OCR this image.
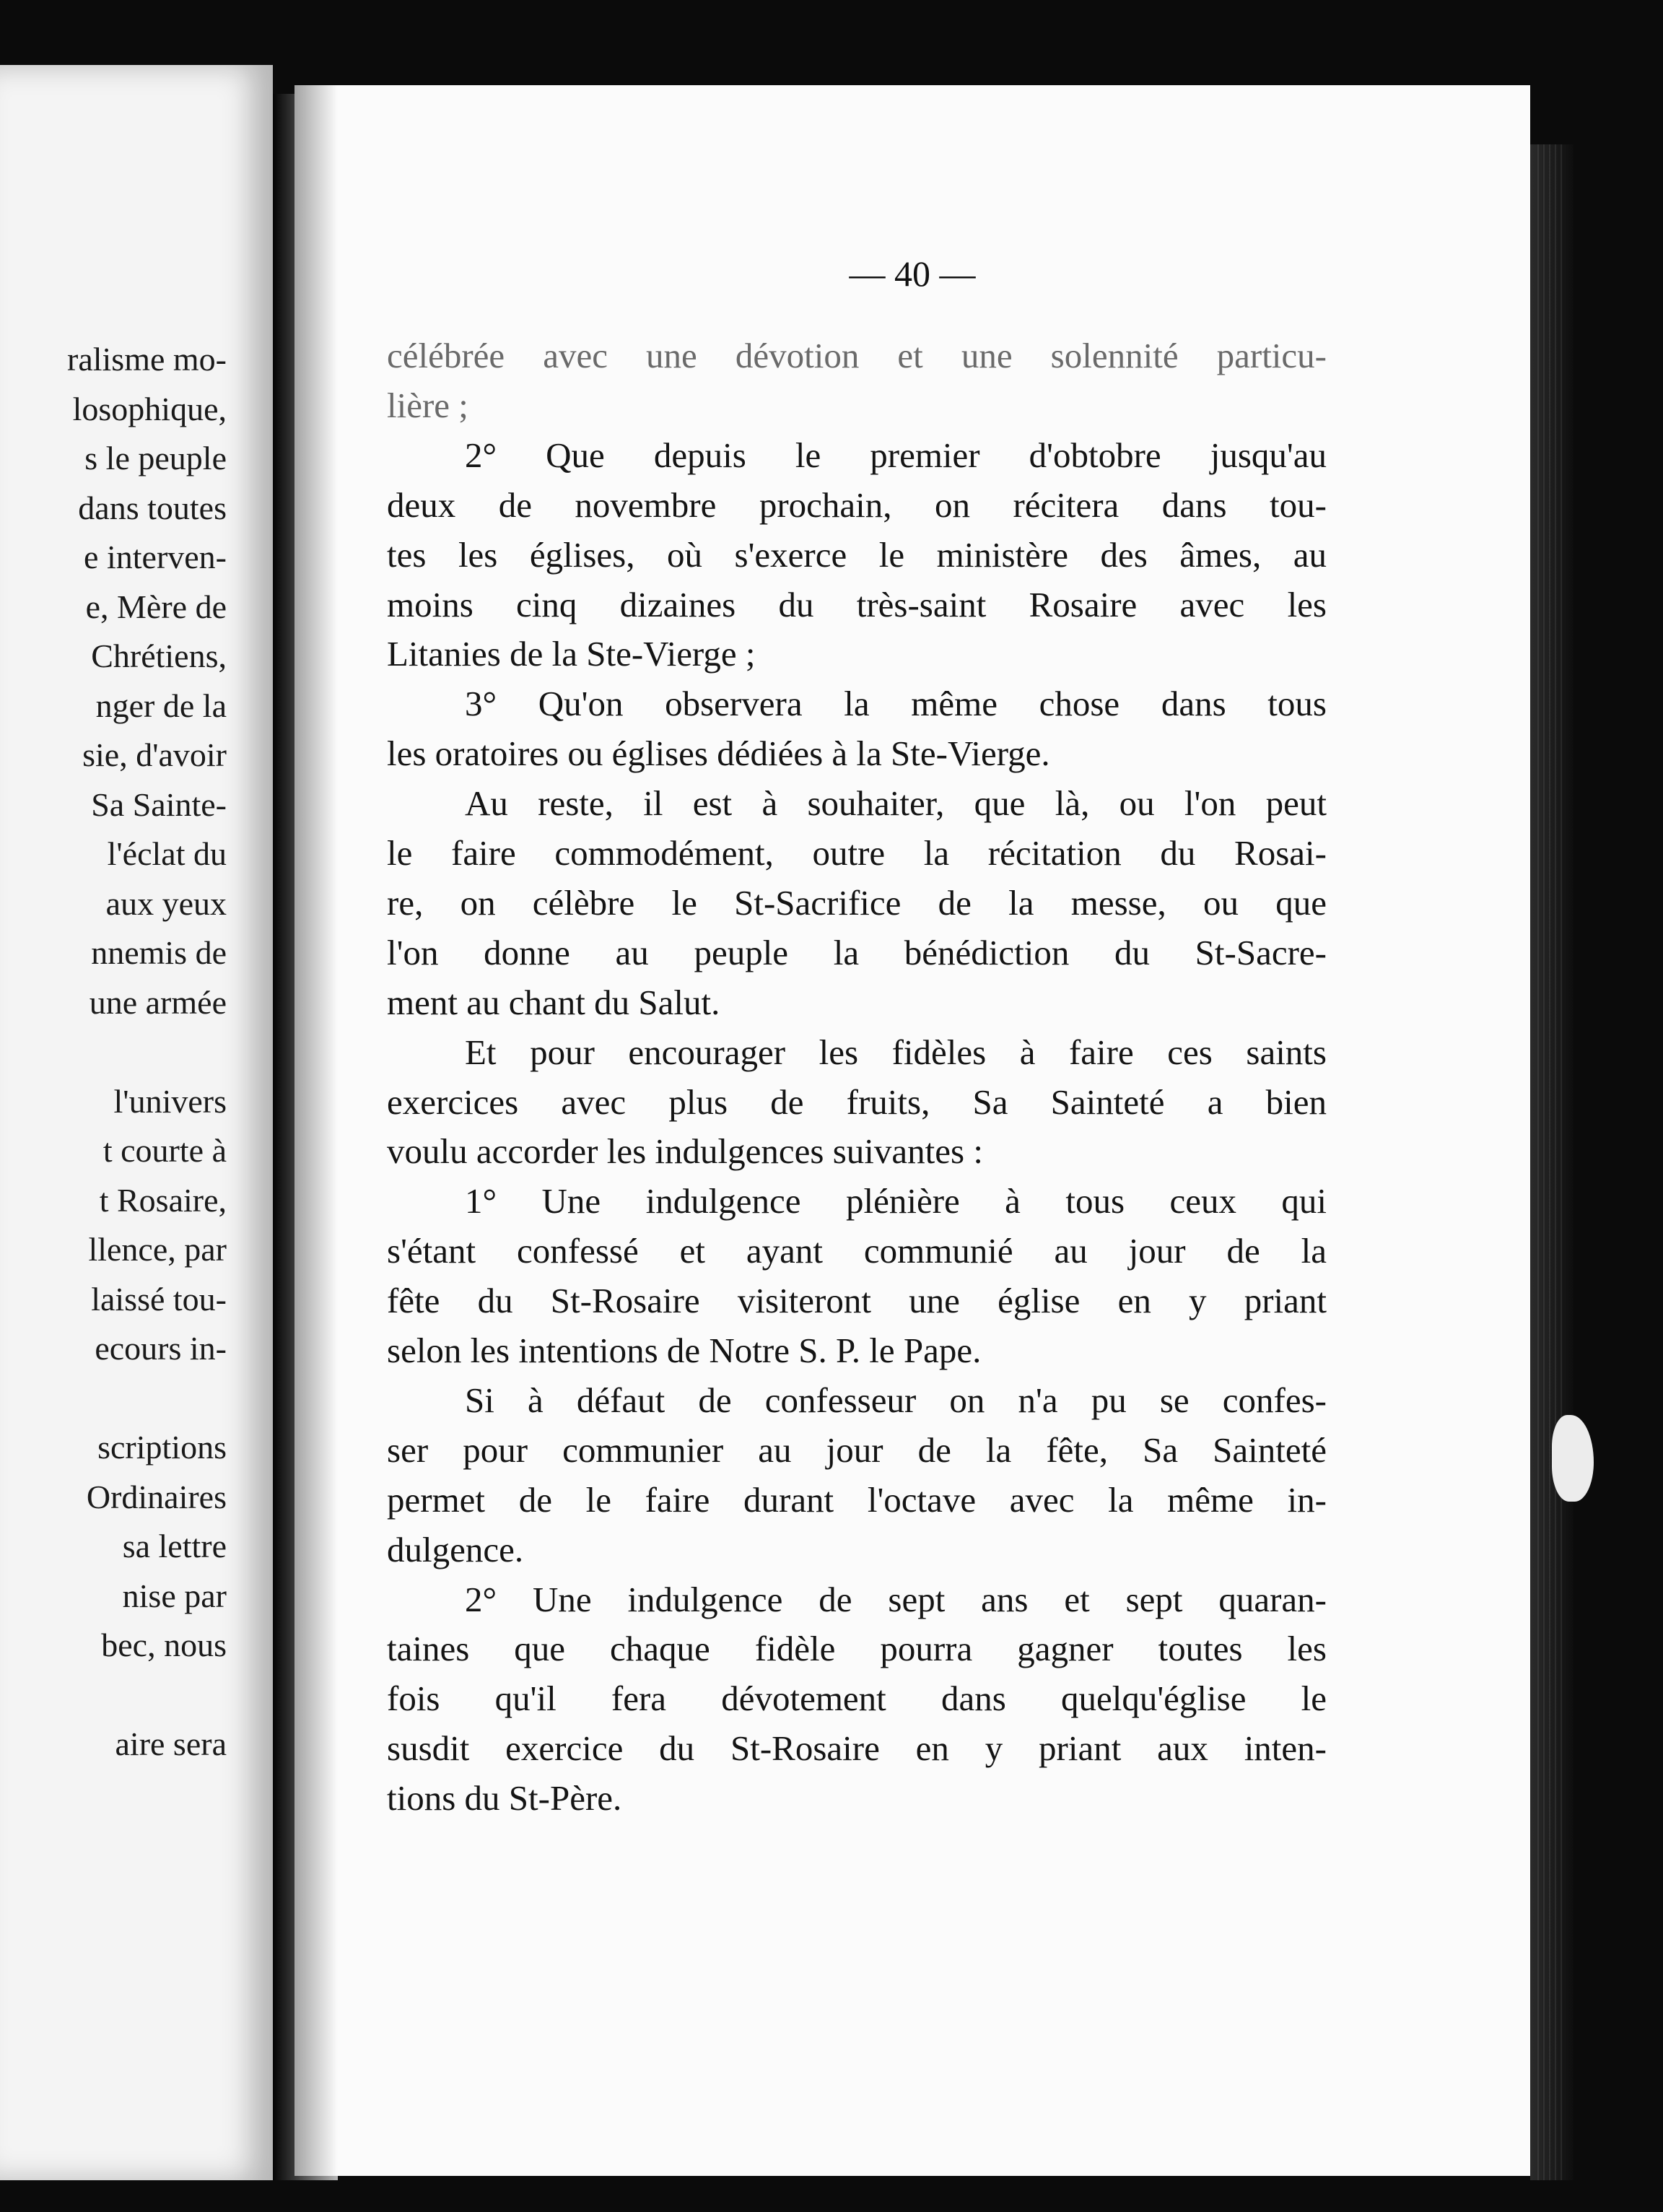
ralisme mo-
losophique,
s le peuple
dans toutes
e interven-
e, Mère de
Chrétiens,
nger de la
sie, d'avoir
Sa Sainte-
l'éclat du
aux yeux
nnemis de
une armée
l'univers
t courte à
t Rosaire,
llence, par
laissé tou-
ecours in-
scriptions
Ordinaires
sa lettre
nise par
bec, nous
aire sera
— 40 —
célébrée avec une dévotion et une solennité particu-
lière ;
2° Que depuis le premier d'obtobre jusqu'au
deux de novembre prochain, on récitera dans tou-
tes les églises, où s'exerce le ministère des âmes, au
moins cinq dizaines du très-saint Rosaire avec les
Litanies de la Ste-Vierge ;
3° Qu'on observera la même chose dans tous
les oratoires ou églises dédiées à la Ste-Vierge.
Au reste, il est à souhaiter, que là, ou l'on peut
le faire commodément, outre la récitation du Rosai-
re, on célèbre le St-Sacrifice de la messe, ou que
l'on donne au peuple la bénédiction du St-Sacre-
ment au chant du Salut.
Et pour encourager les fidèles à faire ces saints
exercices avec plus de fruits, Sa Sainteté a bien
voulu accorder les indulgences suivantes :
1° Une indulgence plénière à tous ceux qui
s'étant confessé et ayant communié au jour de la
fête du St-Rosaire visiteront une église en y priant
selon les intentions de Notre S. P. le Pape.
Si à défaut de confesseur on n'a pu se confes-
ser pour communier au jour de la fête, Sa Sainteté
permet de le faire durant l'octave avec la même in-
dulgence.
2° Une indulgence de sept ans et sept quaran-
taines que chaque fidèle pourra gagner toutes les
fois qu'il fera dévotement dans quelqu'église le
susdit exercice du St-Rosaire en y priant aux inten-
tions du St-Père.
